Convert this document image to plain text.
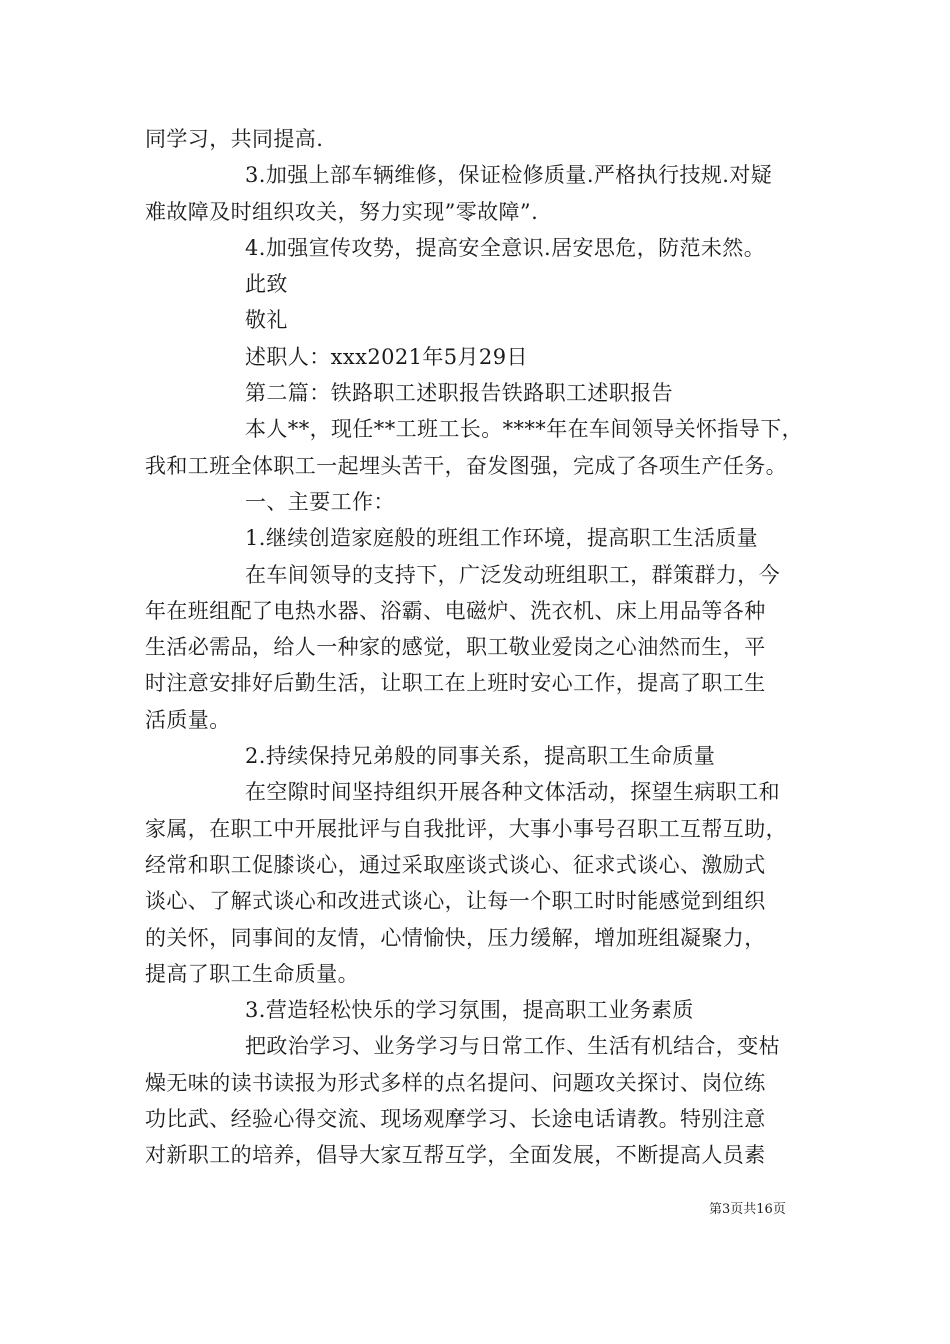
同学习，共同提高.
3.加强上部车辆维修，保证检修质量.严格执行技规.对疑
难故障及时组织攻关，努力实现”零故障”.
4.加强宣传攻势，提高安全意识.居安思危，防范未然。
此致
敬礼
述职人：xxx2021年5月29日
第二篇：铁路职工述职报告铁路职工述职报告
本人**，现任**工班工长。****年在车间领导关怀指导下，
我和工班全体职工一起埋头苦干，奋发图强，完成了各项生产任务。
一、主要工作：
1.继续创造家庭般的班组工作环境，提高职工生活质量
在车间领导的支持下，广泛发动班组职工，群策群力，今
年在班组配了电热水器、浴霸、电磁炉、洗衣机、床上用品等各种
生活必需品，给人一种家的感觉，职工敬业爱岗之心油然而生，平
时注意安排好后勤生活，让职工在上班时安心工作，提高了职工生
活质量。
2.持续保持兄弟般的同事关系，提高职工生命质量
在空隙时间坚持组织开展各种文体活动，探望生病职工和
家属，在职工中开展批评与自我批评，大事小事号召职工互帮互助，
经常和职工促膝谈心，通过采取座谈式谈心、征求式谈心、激励式
谈心、了解式谈心和改进式谈心，让每一个职工时时能感觉到组织
的关怀，同事间的友情，心情愉快，压力缓解，增加班组凝聚力，
提高了职工生命质量。
3.营造轻松快乐的学习氛围，提高职工业务素质
把政治学习、业务学习与日常工作、生活有机结合，变枯
燥无味的读书读报为形式多样的点名提问、问题攻关探讨、岗位练
功比武、经验心得交流、现场观摩学习、长途电话请教。特别注意
对新职工的培养，倡导大家互帮互学，全面发展，不断提高人员素
第3页共16页
